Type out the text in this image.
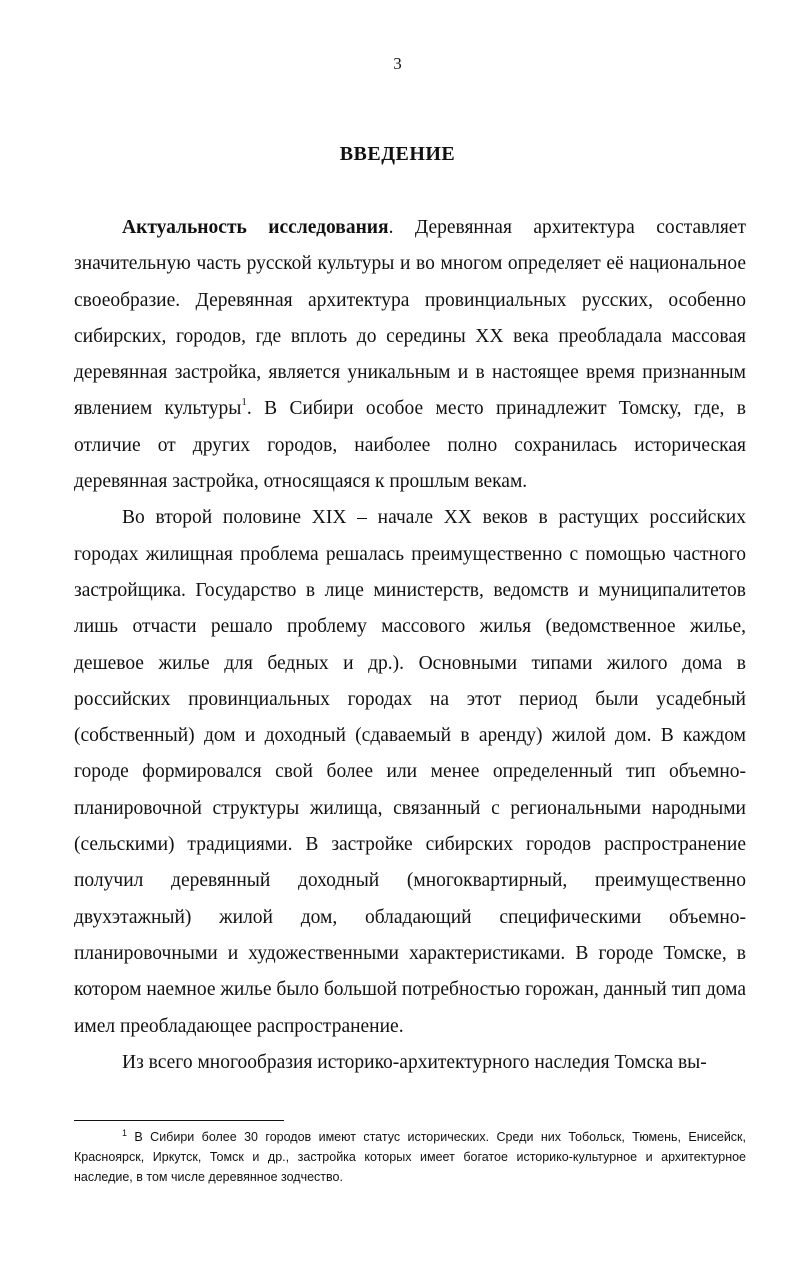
3
ВВЕДЕНИЕ

Актуальность исследования. Деревянная архитектура составляет значительную часть русской культуры и во многом определяет её национальное своеобразие. Деревянная архитектура провинциальных русских, особенно сибирских, городов, где вплоть до середины XX века преобладала массовая деревянная застройка, является уникальным и в настоящее время признанным явлением культуры$^1$. В Сибири особое место принадлежит Томску, где, в отличие от других городов, наиболее полно сохранилась историческая деревянная застройка, относящаяся к прошлым векам.

Во второй половине XIX – начале XX веков в растущих российских городах жилищная проблема решалась преимущественно с помощью частного застройщика. Государство в лице министерств, ведомств и муниципалитетов лишь отчасти решало проблему массового жилья (ведомственное жилье, дешевое жилье для бедных и др.). Основными типами жилого дома в российских провинциальных городах на этот период были усадебный (собственный) дом и доходный (сдаваемый в аренду) жилой дом. В каждом городе формировался свой более или менее определенный тип объемно-планировочной структуры жилища, связанный с региональными народными (сельскими) традициями. В застройке сибирских городов распространение получил деревянный доходный (многоквартирный, преимущественно двухэтажный) жилой дом, обладающий специфическими объемно-планировочными и художественными характеристиками. В городе Томске, в котором наемное жилье было большой потребностью горожан, данный тип дома имел преобладающее распространение.

Из всего многообразия историко-архитектурного наследия Томска вы-

$^1$ В Сибири более 30 городов имеют статус исторических. Среди них Тобольск, Тюмень, Енисейск, Красноярск, Иркутск, Томск и др., застройка которых имеет богатое историко-культурное и архитектурное наследие, в том числе деревянное зодчество.
